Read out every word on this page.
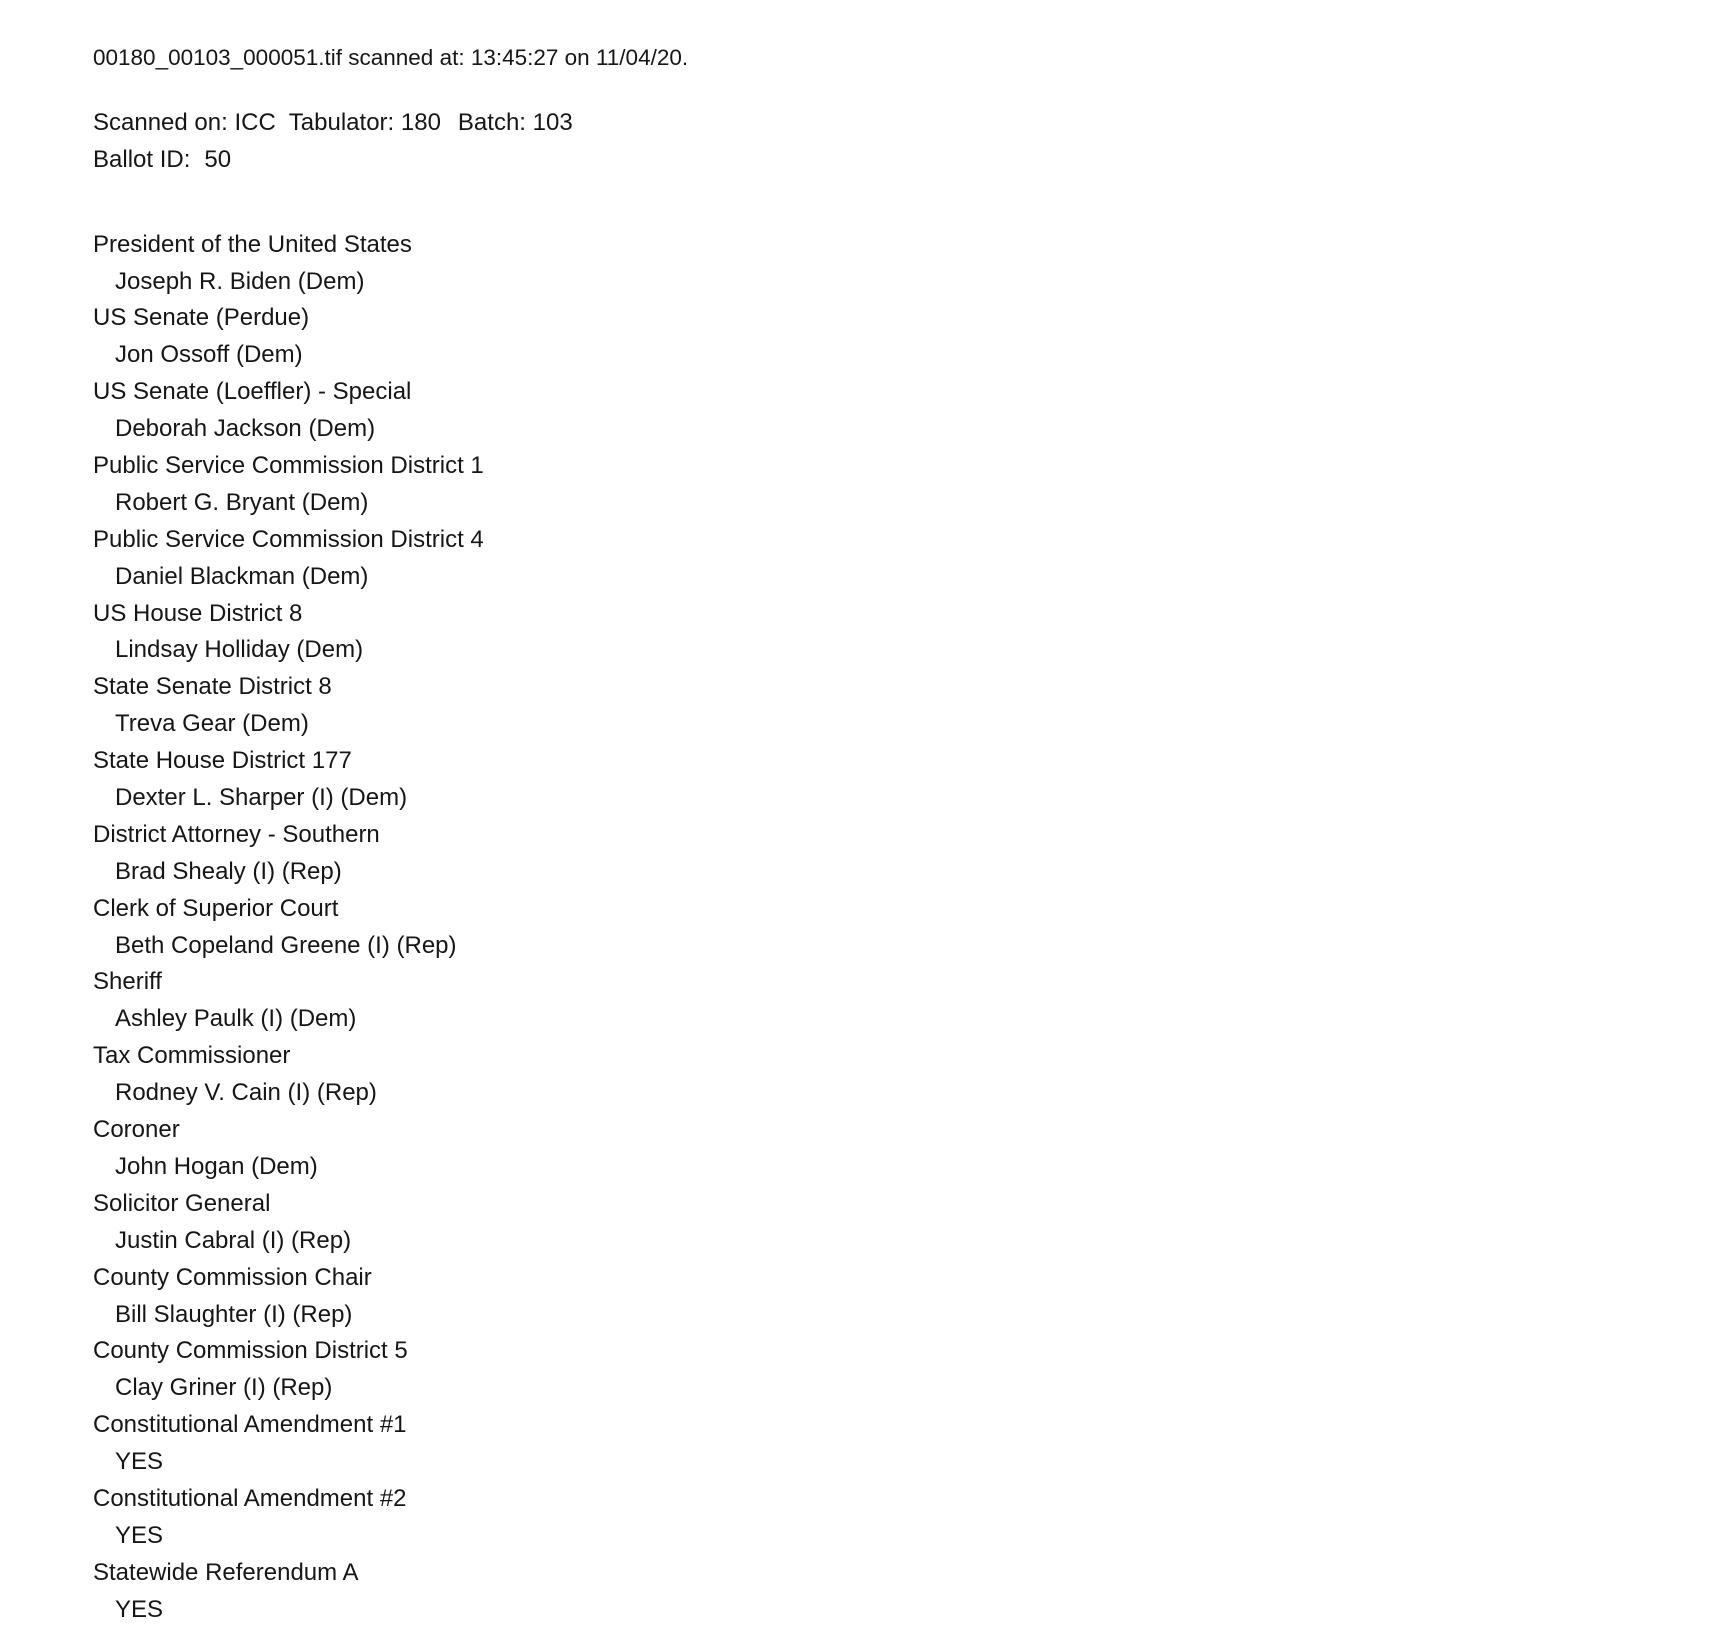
00180_00103_000051.tif scanned at: 13:45:27 on 11/04/20.
Scanned on: ICC Tabulator: 180 Batch: 103
Ballot ID: 50
President of the United States
Joseph R. Biden (Dem)
US Senate (Perdue)
Jon Ossoff (Dem)
US Senate (Loeffler) - Special
Deborah Jackson (Dem)
Public Service Commission District 1
Robert G. Bryant (Dem)
Public Service Commission District 4
Daniel Blackman (Dem)
US House District 8
Lindsay Holliday (Dem)
State Senate District 8
Treva Gear (Dem)
State House District 177
Dexter L. Sharper (I) (Dem)
District Attorney - Southern
Brad Shealy (I) (Rep)
Clerk of Superior Court
Beth Copeland Greene (I) (Rep)
Sheriff
Ashley Paulk (I) (Dem)
Tax Commissioner
Rodney V. Cain (I) (Rep)
Coroner
John Hogan (Dem)
Solicitor General
Justin Cabral (I) (Rep)
County Commission Chair
Bill Slaughter (I) (Rep)
County Commission District 5
Clay Griner (I) (Rep)
Constitutional Amendment #1
YES
Constitutional Amendment #2
YES
Statewide Referendum A
YES
